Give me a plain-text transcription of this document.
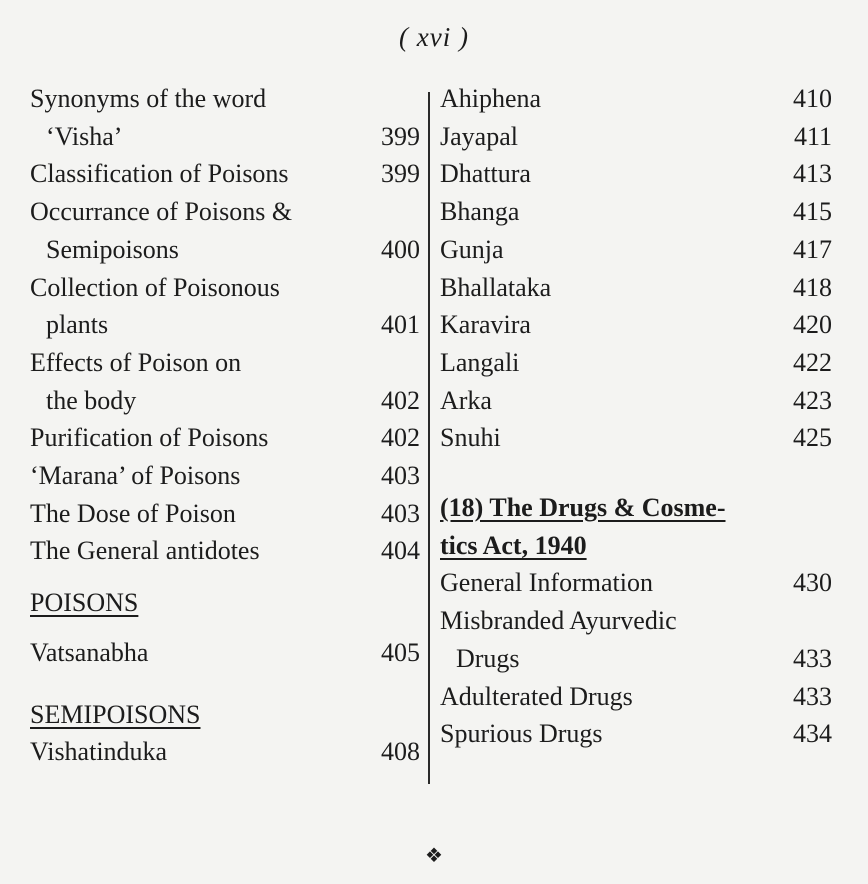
( xvi )
Synonyms of the word
‘Visha’	399
Classification of Poisons	399
Occurrance of Poisons &
Semipoisons	400
Collection of Poisonous
plants	401
Effects of Poison on
the body	402
Purification of Poisons	402
‘Marana’ of Poisons	403
The Dose of Poison	403
The General antidotes	404
POISONS
Vatsanabha	405
SEMIPOISONS
Vishatinduka	408
Ahiphena	410
Jayapal	411
Dhattura	413
Bhanga	415
Gunja	417
Bhallataka	418
Karavira	420
Langali	422
Arka	423
Snuhi	425
(18) The Drugs & Cosme-
tics Act, 1940
General Information	430
Misbranded Ayurvedic
Drugs	433
Adulterated Drugs	433
Spurious Drugs	434
❖
